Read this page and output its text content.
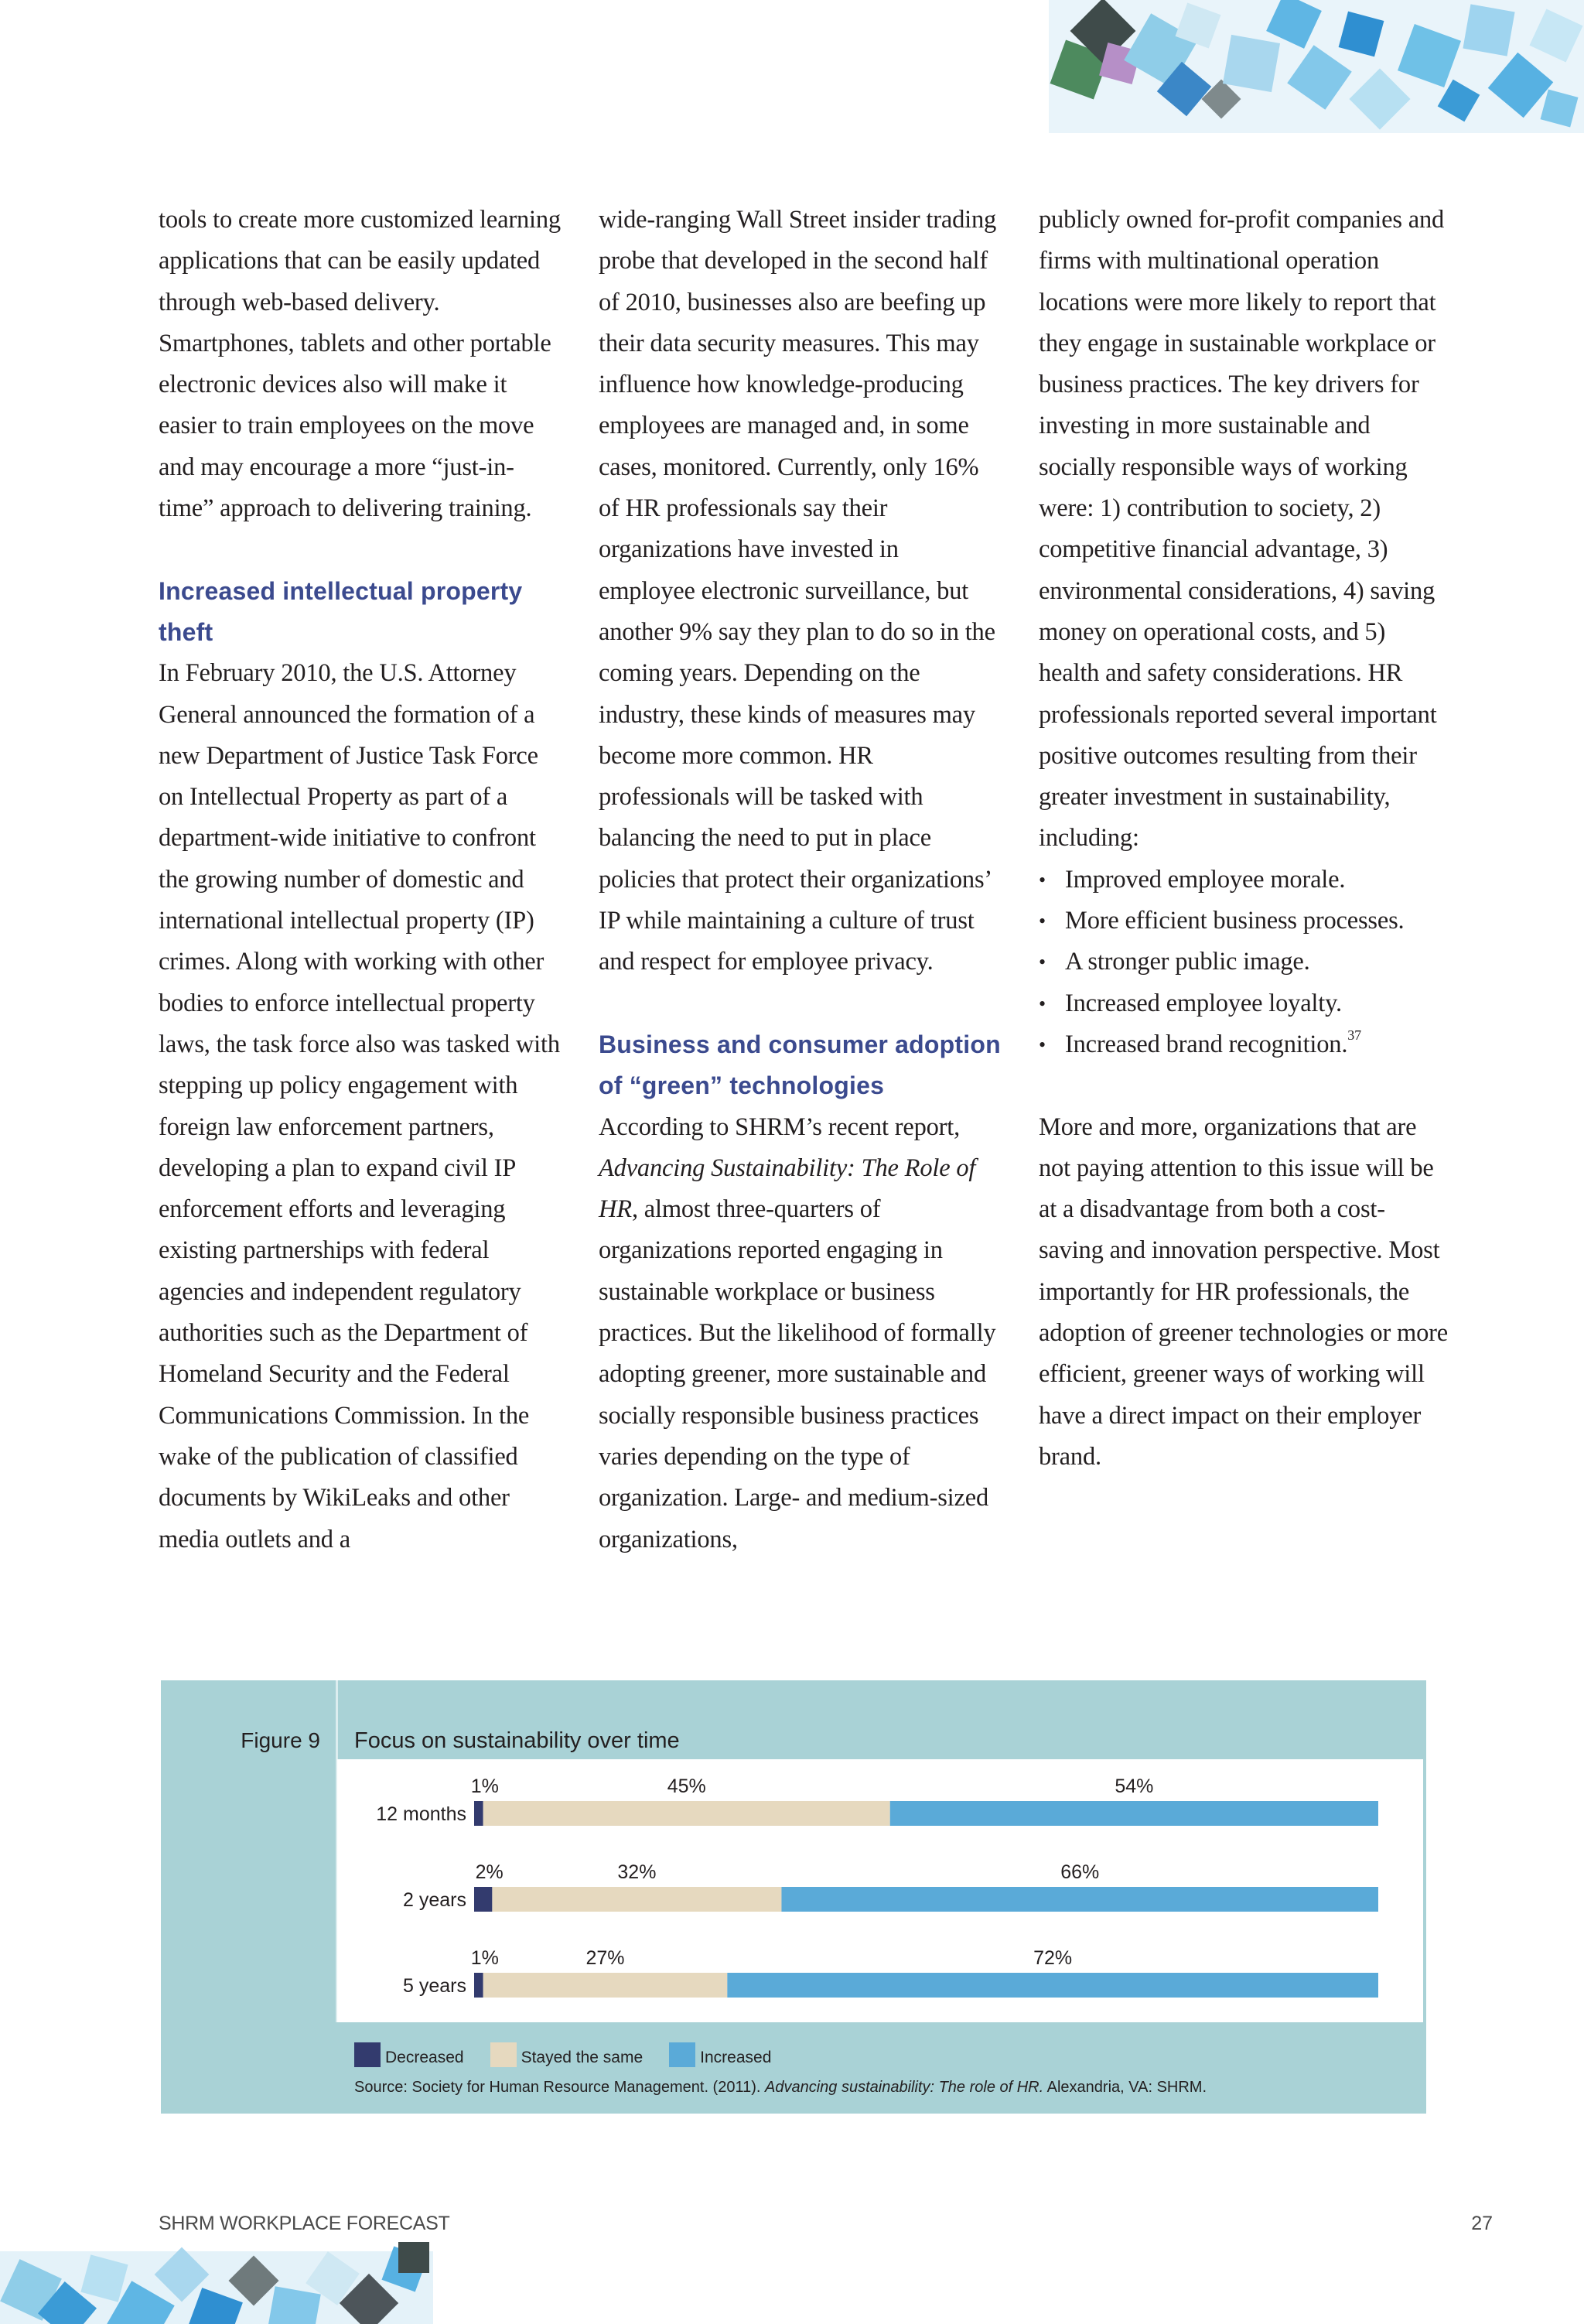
tools to create more customized learning applications that can be easily updated through web-based delivery. Smartphones, tablets and other portable electronic devices also will make it easier to train employees on the move and may encourage a more “just-in-time” approach to delivering training.

Increased intellectual property theft

In February 2010, the U.S. Attorney General announced the formation of a new Department of Justice Task Force on Intellectual Property as part of a department-wide initiative to confront the growing number of domestic and international intellectual property (IP) crimes. Along with working with other bodies to enforce intellectual property laws, the task force also was tasked with stepping up policy engagement with foreign law enforcement partners, developing a plan to expand civil IP enforcement efforts and leveraging existing partnerships with federal agencies and independent regulatory authorities such as the Department of Homeland Security and the Federal Communications Commission. In the wake of the publication of classified documents by WikiLeaks and other media outlets and a

wide-ranging Wall Street insider trading probe that developed in the second half of 2010, businesses also are beefing up their data security measures. This may influence how knowledge-producing employees are managed and, in some cases, monitored. Currently, only 16% of HR professionals say their organizations have invested in employee electronic surveillance, but another 9% say they plan to do so in the coming years. Depending on the industry, these kinds of measures may become more common. HR professionals will be tasked with balancing the need to put in place policies that protect their organizations’ IP while maintaining a culture of trust and respect for employee privacy.

Business and consumer adoption of “green” technologies

According to SHRM’s recent report, Advancing Sustainability: The Role of HR, almost three-quarters of organizations reported engaging in sustainable workplace or business practices. But the likelihood of formally adopting greener, more sustainable and socially responsible business practices varies depending on the type of organization. Large- and medium-sized organizations,

publicly owned for-profit companies and firms with multinational operation locations were more likely to report that they engage in sustainable workplace or business practices. The key drivers for investing in more sustainable and socially responsible ways of working were: 1) contribution to society, 2) competitive financial advantage, 3) environmental considerations, 4) saving money on operational costs, and 5) health and safety considerations. HR professionals reported several important positive outcomes resulting from their greater investment in sustainability, including:

• Improved employee morale.
• More efficient business processes.
• A stronger public image.
• Increased employee loyalty.
• Increased brand recognition.$^{37}$

More and more, organizations that are not paying attention to this issue will be at a disadvantage from both a cost-saving and innovation perspective. Most importantly for HR professionals, the adoption of greener technologies or more efficient, greener ways of working will have a direct impact on their employer brand.

Figure 9 Focus on sustainability over time
12 months
1%	45%	54%
2 years
2%	32%	66%
5 years
1%	27%	72%
Decreased	Stayed the same	Increased
Source: Society for Human Resource Management. (2011). Advancing sustainability: The role of HR. Alexandria, VA: SHRM.
SHRM WORKPLACE FORECAST	27
